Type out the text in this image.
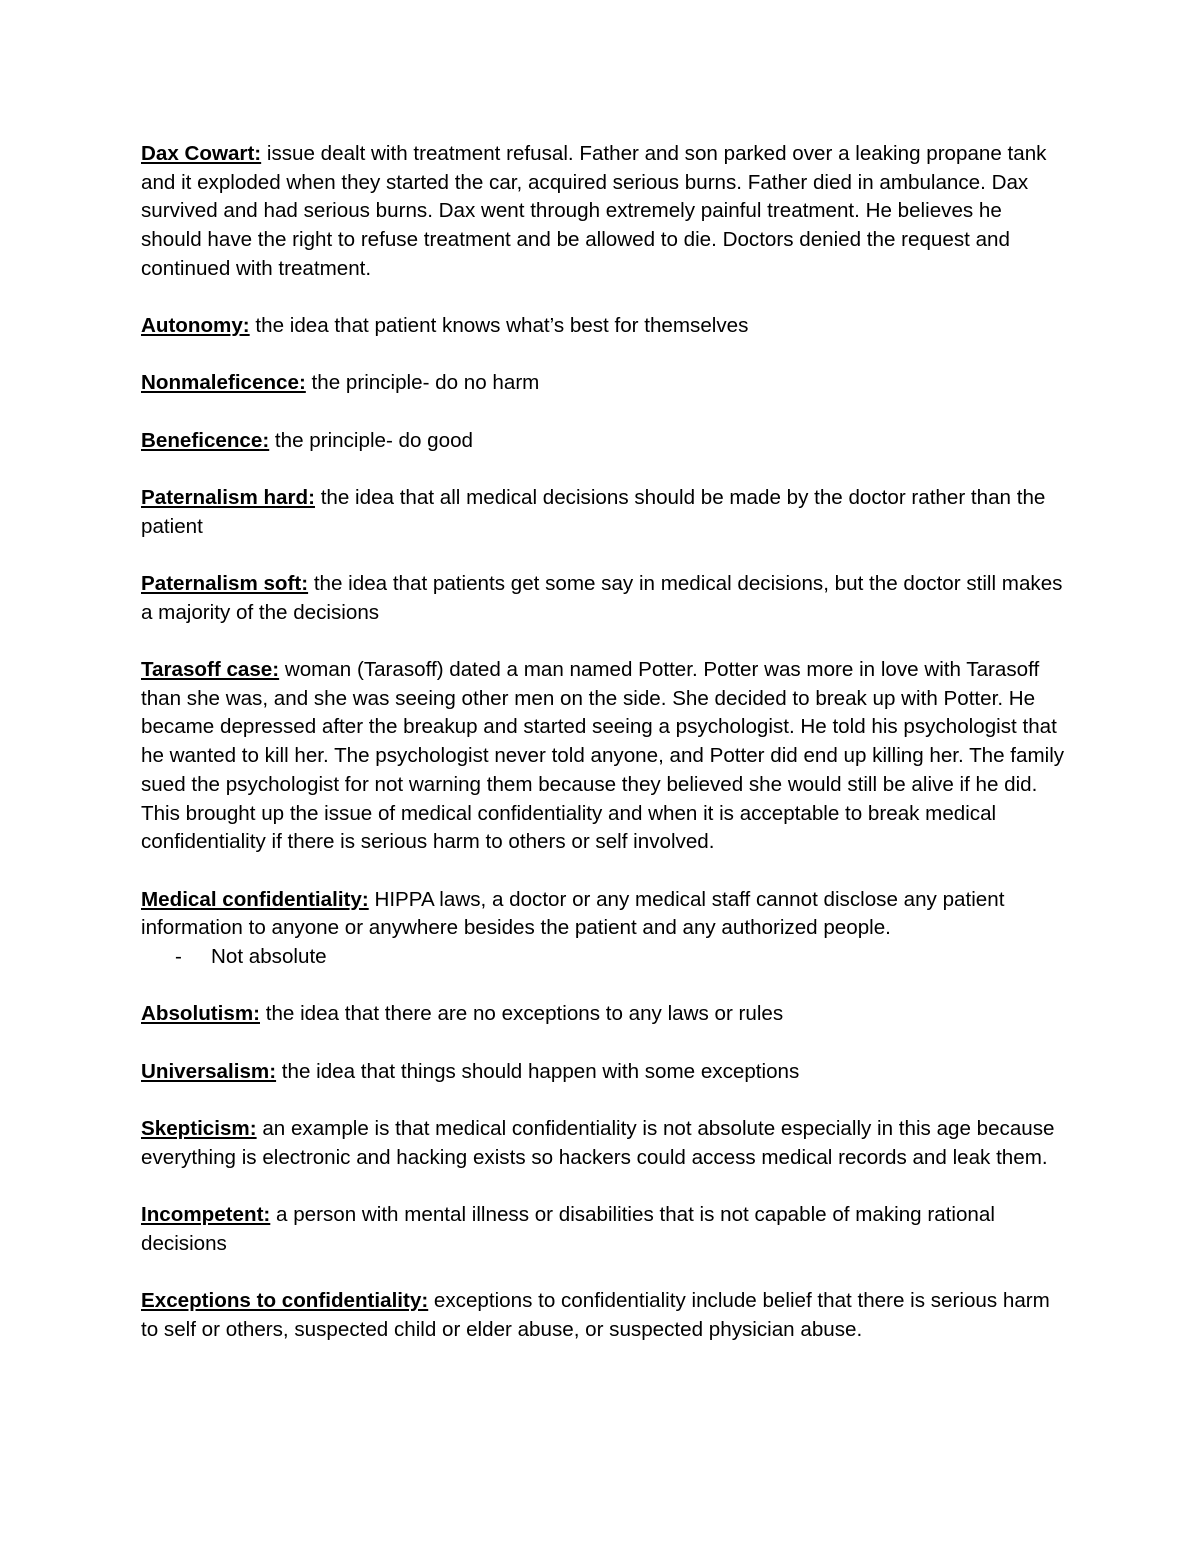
Dax Cowart: issue dealt with treatment refusal. Father and son parked over a leaking propane tank and it exploded when they started the car, acquired serious burns. Father died in ambulance. Dax survived and had serious burns. Dax went through extremely painful treatment. He believes he should have the right to refuse treatment and be allowed to die. Doctors denied the request and continued with treatment.

Autonomy: the idea that patient knows what’s best for themselves

Nonmaleficence: the principle- do no harm

Beneficence: the principle- do good

Paternalism hard: the idea that all medical decisions should be made by the doctor rather than the patient

Paternalism soft: the idea that patients get some say in medical decisions, but the doctor still makes a majority of the decisions

Tarasoff case: woman (Tarasoff) dated a man named Potter. Potter was more in love with Tarasoff than she was, and she was seeing other men on the side. She decided to break up with Potter. He became depressed after the breakup and started seeing a psychologist. He told his psychologist that he wanted to kill her. The psychologist never told anyone, and Potter did end up killing her. The family sued the psychologist for not warning them because they believed she would still be alive if he did. This brought up the issue of medical confidentiality and when it is acceptable to break medical confidentiality if there is serious harm to others or self involved.

Medical confidentiality: HIPPA laws, a doctor or any medical staff cannot disclose any patient information to anyone or anywhere besides the patient and any authorized people.

- Not absolute

Absolutism: the idea that there are no exceptions to any laws or rules

Universalism: the idea that things should happen with some exceptions

Skepticism: an example is that medical confidentiality is not absolute especially in this age because everything is electronic and hacking exists so hackers could access medical records and leak them.

Incompetent: a person with mental illness or disabilities that is not capable of making rational decisions

Exceptions to confidentiality: exceptions to confidentiality include belief that there is serious harm to self or others, suspected child or elder abuse, or suspected physician abuse.
